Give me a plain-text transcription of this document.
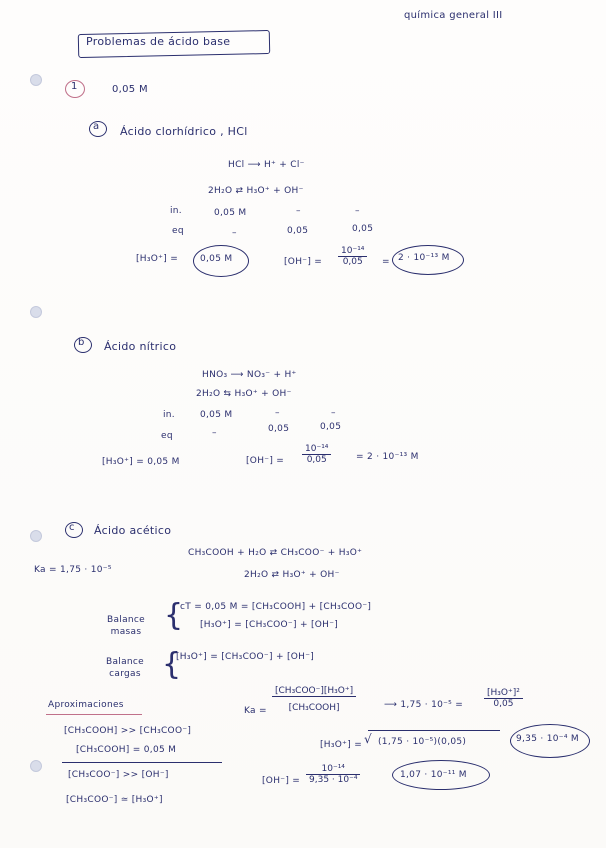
química general III
Problemas de ácido base
1	0,05 M
a Ácido clorhídrico , HCl
HCl ⟶ H⁺ + Cl⁻
2H₂O ⇄ H₃O⁺ + OH⁻
in.	0,05 M	–	–
eq	–	0,05	0,05
[H₃O⁺] = 0,05 M	$[OH^-] = \frac{\text{10⁻¹⁴}}{0,05} = 2 \cdot 10^{-13}$ M
b Ácido nítrico
HNO₃ ⟶ NO₃⁻ + H⁺
2H₂O ⇆ H₃O⁺ + OH⁻
in.	0,05 M	–	–
eq	–	0,05	0,05
[H₃O⁺] = 0,05 M	$[OH^-] = \frac{\text{10⁻¹⁴}}{0,05}$	= 2 · 10⁻¹³ M
c Ácido acético
Ka = 1,75 · 10⁻⁵
CH₃COOH + H₂O ⇄ CH₃COO⁻ + H₃O⁺
2H₂O ⇄ H₃O⁺ + OH⁻
Balance masas {
cT = 0,05 M = [CH₃COOH] + [CH₃COO⁻]
[H₃O⁺] = [CH₃COO⁻] + [OH⁻]
Balance cargas {
[H₃O⁺] = [CH₃COO⁻] + [OH⁻]
Aproximaciones
[CH₃COOH] >> [CH₃COO⁻]
[CH₃COOH] = 0,05 M
[CH₃COO⁻] >> [OH⁻]
[CH₃COO⁻] ≃ [H₃O⁺]
Ka =
[CH₃COO⁻][H₃O⁺]
[CH₃COOH]	⟶ $1,75 \cdot 10^{-5} = \frac{\text{[H₃O⁺]²}}{0,05}$
[H₃O⁺] = √ (1,75 · 10⁻⁵)(0,05)	9,35 · 10⁻⁴ M
$[OH^-] = \frac{\text{10⁻¹⁴}}{\text{9,35 · 10⁻⁴}}$	1,07 · 10⁻¹¹ M
